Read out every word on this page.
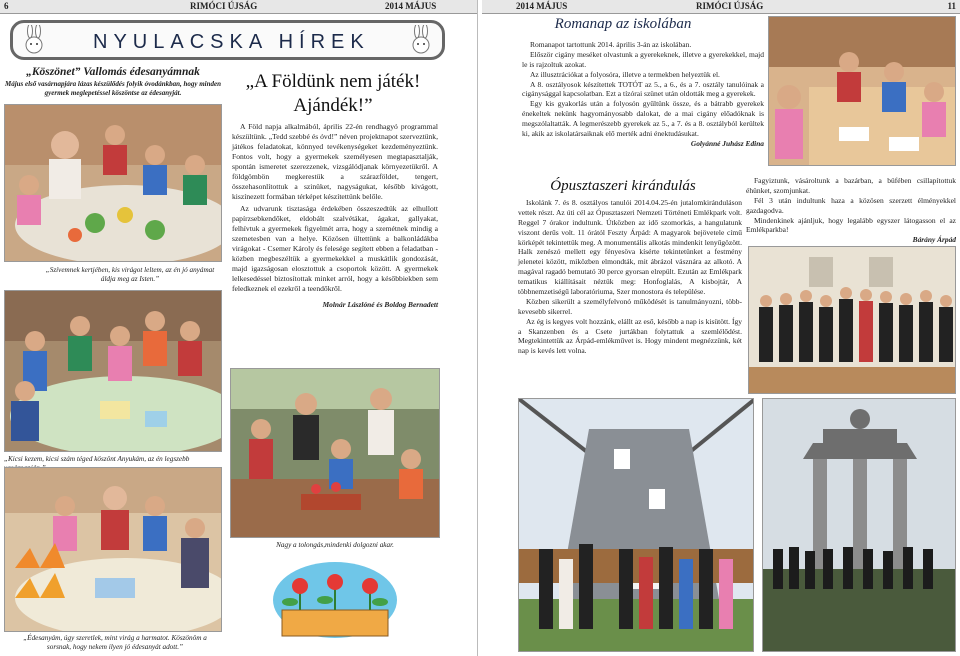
6	RIMÓCI ÚJSÁG	2014 MÁJUS
NYULACSKA HÍREK
„Köszönet” Vallomás édesanyámnak
Május első vasárnapjára lázas készülődés folyik óvodánkban, hogy minden gyermek meglepetéssel köszöntse az édesanyját.
„Szívemnek kertjében, kis virágot leltem, az én jó anyámat áldja meg az Isten.”
„Kicsi kezem, kicsi szám téged köszönt Anyukám, az én legszebb
„Édesanyám, úgy szeretlek, mint virág a harmatot. Köszönöm a sorsnak, hogy nekem ilyen jó édesanyát adott.”
„A Földünk nem játék! Ajándék!”

A Föld napja alkalmából, április 22-én rendhagyó programmal készültünk. „Tedd szebbé és óvd!” néven projektnapot szerveztünk, játékos feladatokat, könnyed tevékenységeket kezdeményeztünk. Fontos volt, hogy a gyermekek személyesen megtapasztalják, spontán ismeretet szerezzenek, vizsgálódjanak környezetükről. A földgömbön megkerestük a szárazföldet, tengert, összehasonlítottuk a szinüket, nagyságukat, később kivágott, kiszínezett formában térképet készítettünk belőle.

Az udvarunk tisztasága érdekében összeszedtük az elhullott papírzsebkendőket, eldobált szalvétákat, ágakat, gallyakat, felhívtuk a gyermekek figyelmét arra, hogy a szemétnek mindig a szemetesben van a helye. Közösen ültettünk a balkonládákba virágokat - Csemer Károly és felesége segített ebben a feladatban - közben megbeszéltük a gyermekekkel a muskátlik gondozását, majd igazságosan elosztottuk a csoportok között. A gyermekek lelkesedéssel biztosítottak minket arról, hogy a későbbiekben sem feledkeznek el ezekről a teendőkről.

Molnár Lászlóné és Boldog Bernadett
Nagy a tolongás,mindenki dolgozni akar.
2014 MÁJUS	RIMÓCI ÚJSÁG	11
Romanap az iskolában

Romanapot tartottunk 2014. április 3-án az iskolában.

Először cigány meséket olvastunk a gyerekeknek, illetve a gyerekekkel, majd le is rajzoltuk azokat.

Az illusztrációkat a folyosóra, illetve a termekben helyeztük el.

A 8. osztályosok készítettek TOTÓT az 5., a 6., és a 7. osztály tanulóinak a cigánysággal kapcsolatban. Ezt a tízórai szünet után oldották meg a gyerekek.

Egy kis gyakorlás után a folyosón gyűltünk össze, és a bátrabb gyerekek énekeltek nekünk hagyományosabb dalokat, de a mai cigány előadóknak is megszólaltatták. A legmerészebb gyerekek az 5., a 7. és a 8. osztályból kerültek ki, akik az iskolatársaiknak elő merték adni énektudásukat.

Golyánné Juhász Edina
Ópusztaszeri kirándulás

Iskolánk 7. és 8. osztályos tanulói 2014.04.25-én jutalomkiránduláson vettek részt. Az úti cél az Ópusztaszeri Nemzeti Történeti Emlékpark volt. Reggel 7 órakor indultunk. Útközben az idő szomorkás, a hangulatunk viszont derűs volt. 11 órától Feszty Árpád: A magyarok bejövetele című körképét tekintettük meg. A monumentális alkotás mindenkit lenyűgözött. Halk zenészó mellett egy fényesöva kísérte tekintetünket a festmény jelenetei között, miközben elmondták, mit ábrázol vásznára az alkotó. A magával ragadó bemutató 30 perce gyorsan elrepült. Ezután az Emlékpark tematikus kiállításait néztük meg: Honfoglalás, A kisbojtár, A többnemzetiségű laboratóriuma, Szer monostora és települése.

Közben sikerült a személyfelvonó működését is tanulmányozni, több-kevesebb sikerrel.

Az ég is kegyes volt hozzánk, elállt az eső, később a nap is kisütött. Így a Skanzenben és a Csete jurtákban folytattuk a szemlélődést. Megtekintettük az Árpád-emlékművet is. Hogy mindent megnézzünk, két nap is kevés lett volna.

Fagyiztunk, vásároltunk a bazárban, a büfében csillapítottuk éhünket, szomjunkat.

Fél 3 után indultunk haza a közösen szerzett élményekkel gazdagodva.

Mindenkinek ajánljuk, hogy legalább egyszer látogasson el az Emlékparkba!

Bárány Árpád
